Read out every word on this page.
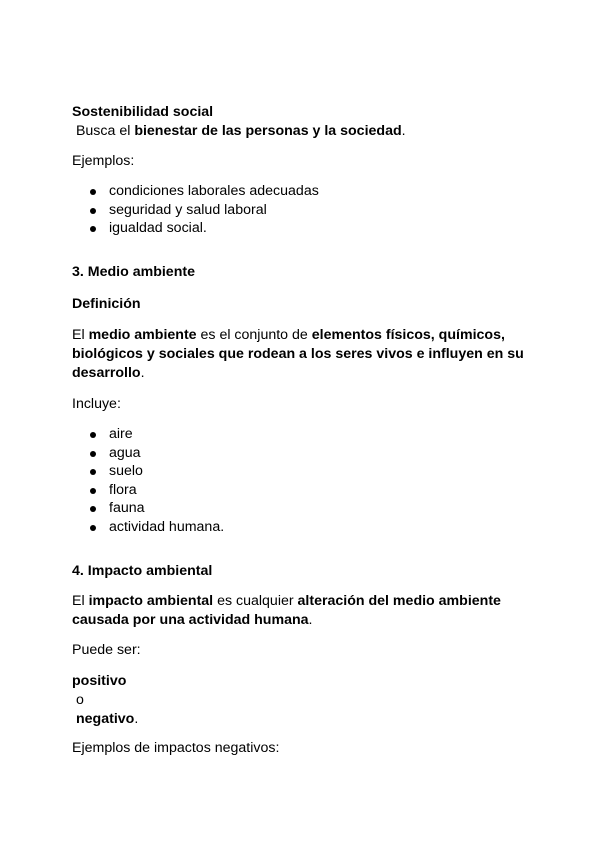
Sostenibilidad social
Busca el bienestar de las personas y la sociedad.
Ejemplos:
condiciones laborales adecuadas
seguridad y salud laboral
igualdad social.
3. Medio ambiente
Definición
El medio ambiente es el conjunto de elementos físicos, químicos, biológicos y sociales que rodean a los seres vivos e influyen en su desarrollo.
Incluye:
aire
agua
suelo
flora
fauna
actividad humana.
4. Impacto ambiental
El impacto ambiental es cualquier alteración del medio ambiente causada por una actividad humana.
Puede ser:
positivo
o
negativo.
Ejemplos de impactos negativos:
